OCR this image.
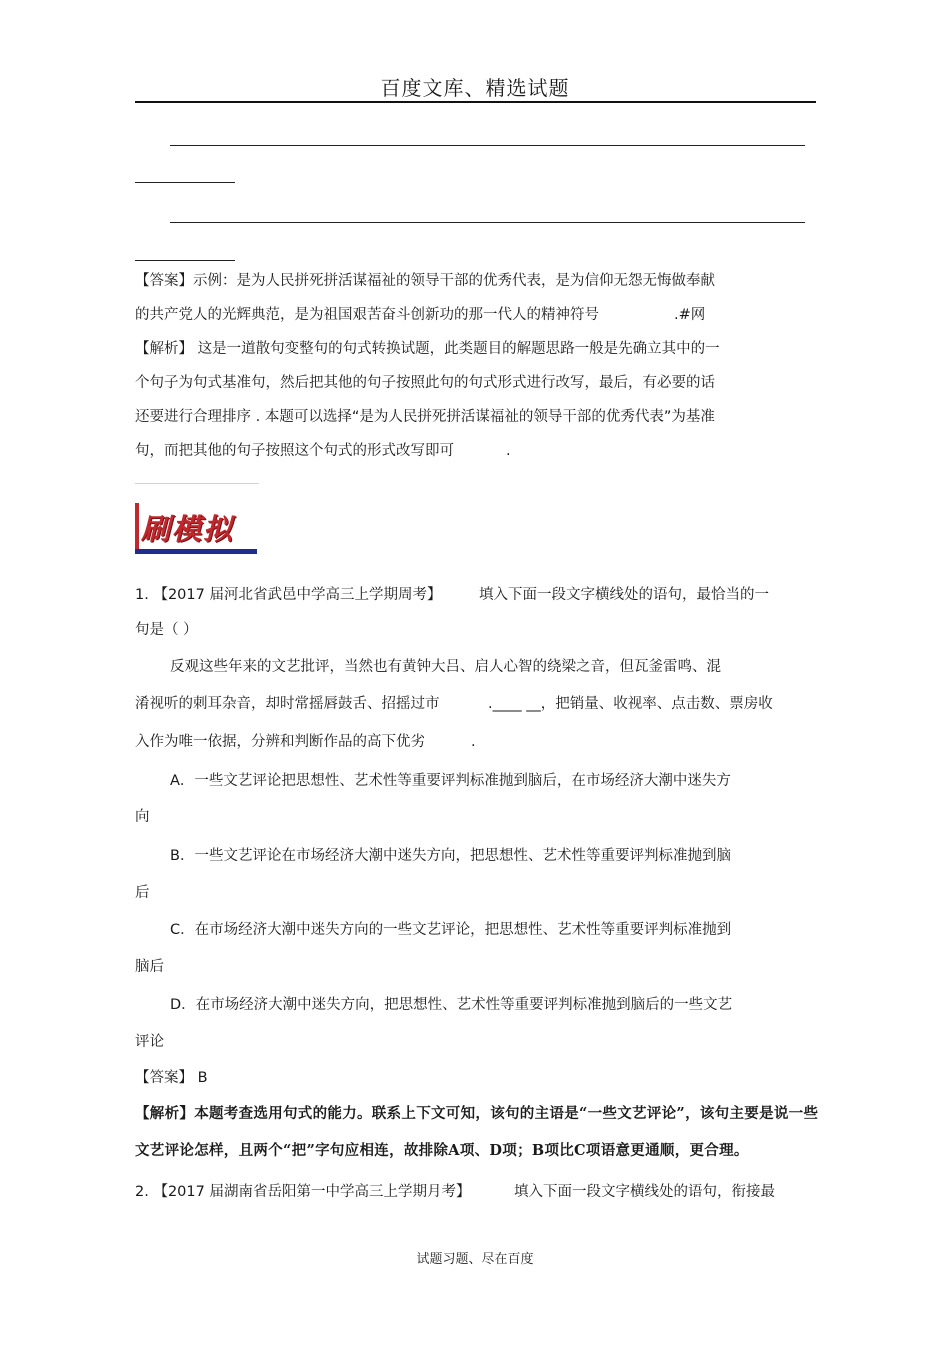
百度文库、精选试题
【答案】示例：是为人民拼死拼活谋福祉的领导干部的优秀代表，是为信仰无怨无悔做奉献
的共产党人的光辉典范，是为祖国艰苦奋斗创新功的那一代人的精神符号	.#网
【解析】 这是一道散句变整句的句式转换试题，此类题目的解题思路一般是先确立其中的一
个句子为句式基准句，然后把其他的句子按照此句的句式形式进行改写，最后，有必要的话
还要进行合理排序 . 本题可以选择“是为人民拼死拼活谋福祉的领导干部的优秀代表”为基准
句，而把其他的句子按照这个句式的形式改写即可	.
刷模拟
1. 【2017 届河北省武邑中学高三上学期周考】	填入下面一段文字横线处的语句，最恰当的一
句是（ ）
反观这些年来的文艺批评，当然也有黄钟大吕、启人心智的绕梁之音，但瓦釜雷鸣、混
淆视听的刺耳杂音，却时常摇唇鼓舌、招摇过市	.____ __，把销量、收视率、点击数、票房收
入作为唯一依据，分辨和判断作品的高下优劣	.
A．一些文艺评论把思想性、艺术性等重要评判标准抛到脑后，在市场经济大潮中迷失方
向
B．一些文艺评论在市场经济大潮中迷失方向，把思想性、艺术性等重要评判标准抛到脑
后
C．在市场经济大潮中迷失方向的一些文艺评论，把思想性、艺术性等重要评判标准抛到
脑后
D．在市场经济大潮中迷失方向，把思想性、艺术性等重要评判标准抛到脑后的一些文艺
评论
【答案】 B
【解析】本题考查选用句式的能力。联系上下文可知，该句的主语是“一些文艺评论”，该句主要是说一些
文艺评论怎样，且两个“把”字句应相连，故排除A项、D项；B项比C项语意更通顺，更合理。
2. 【2017 届湖南省岳阳第一中学高三上学期月考】	填入下面一段文字横线处的语句，衔接最
试题习题、尽在百度
